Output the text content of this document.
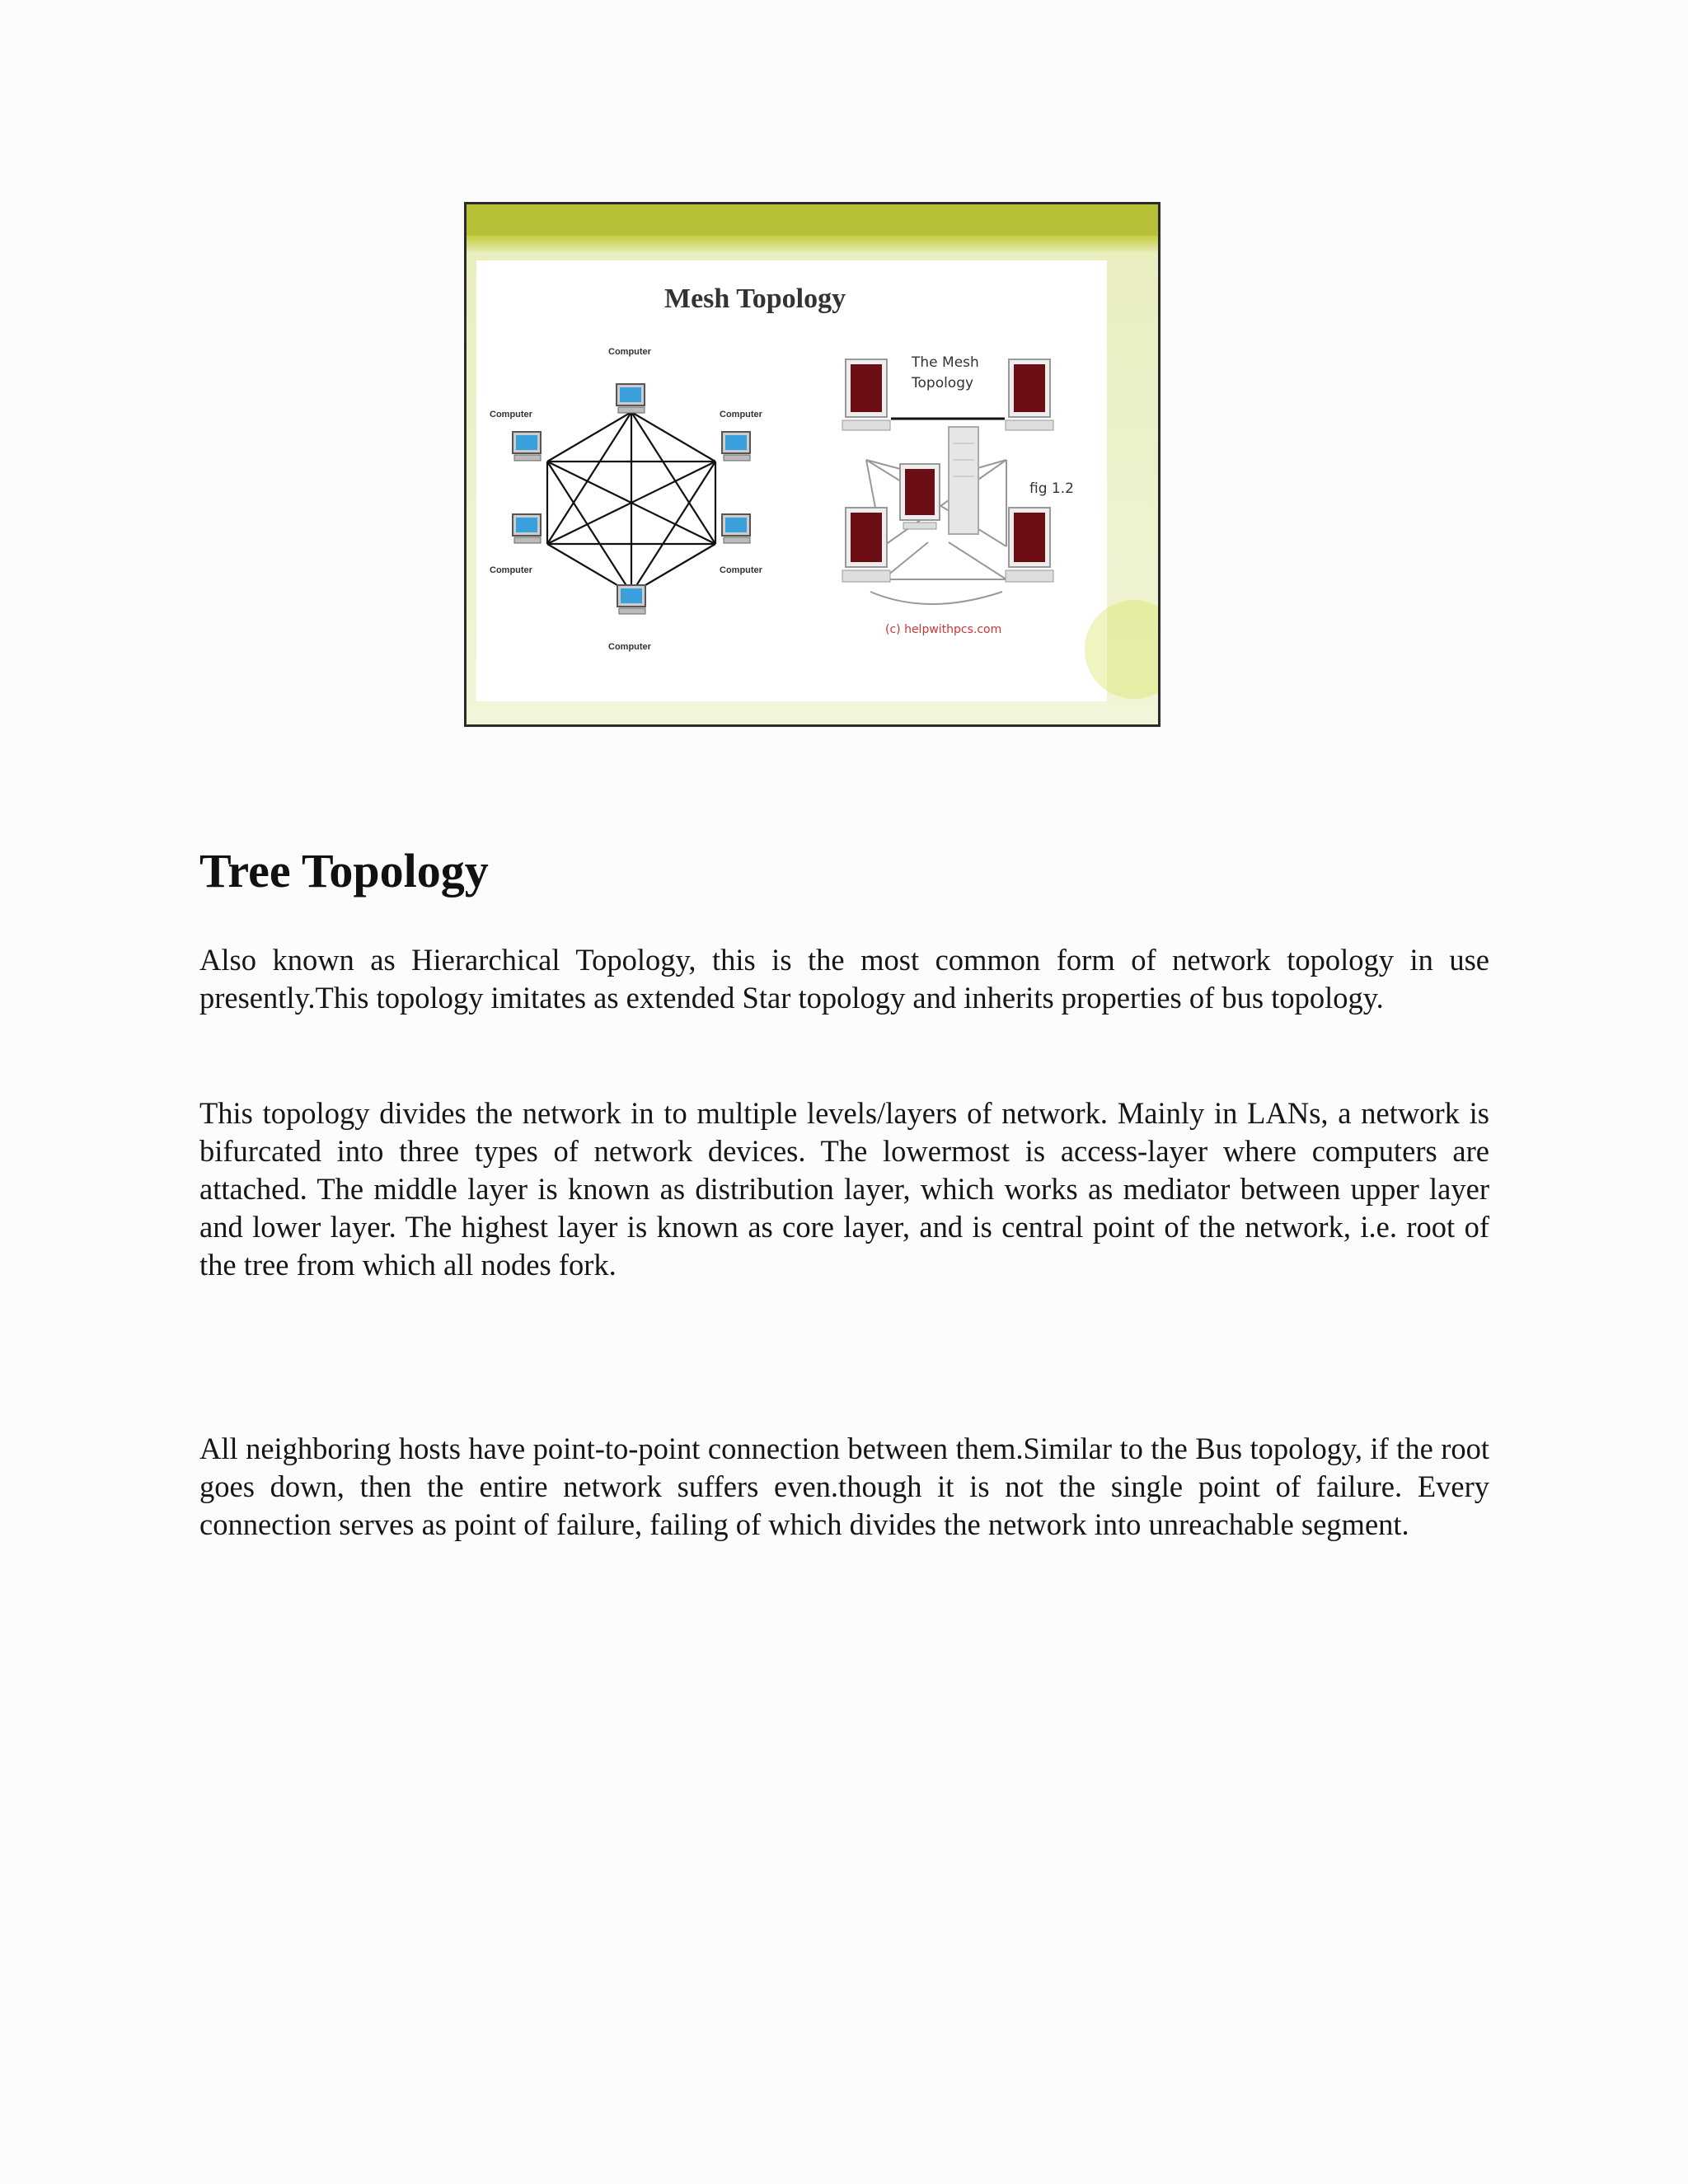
Mesh Topology
Computer
Computer	Computer
Computer	Computer
Computer
The Mesh
Topology
fig 1.2
(c) helpwithpcs.com
Tree Topology

Also known as Hierarchical Topology, this is the most common form of network topology in use presently.This topology imitates as extended Star topology and inherits properties of bus topology.

This topology divides the network in to multiple levels/layers of network. Mainly in LANs, a network is bifurcated into three types of network devices. The lowermost is access-layer where computers are attached. The middle layer is known as distribution layer, which works as mediator between upper layer and lower layer. The highest layer is known as core layer, and is central point of the network, i.e. root of the tree from which all nodes fork.

All neighboring hosts have point-to-point connection between them.Similar to the Bus topology, if the root goes down, then the entire network suffers even.though it is not the single point of failure. Every connection serves as point of failure, failing of which divides the network into unreachable segment.
